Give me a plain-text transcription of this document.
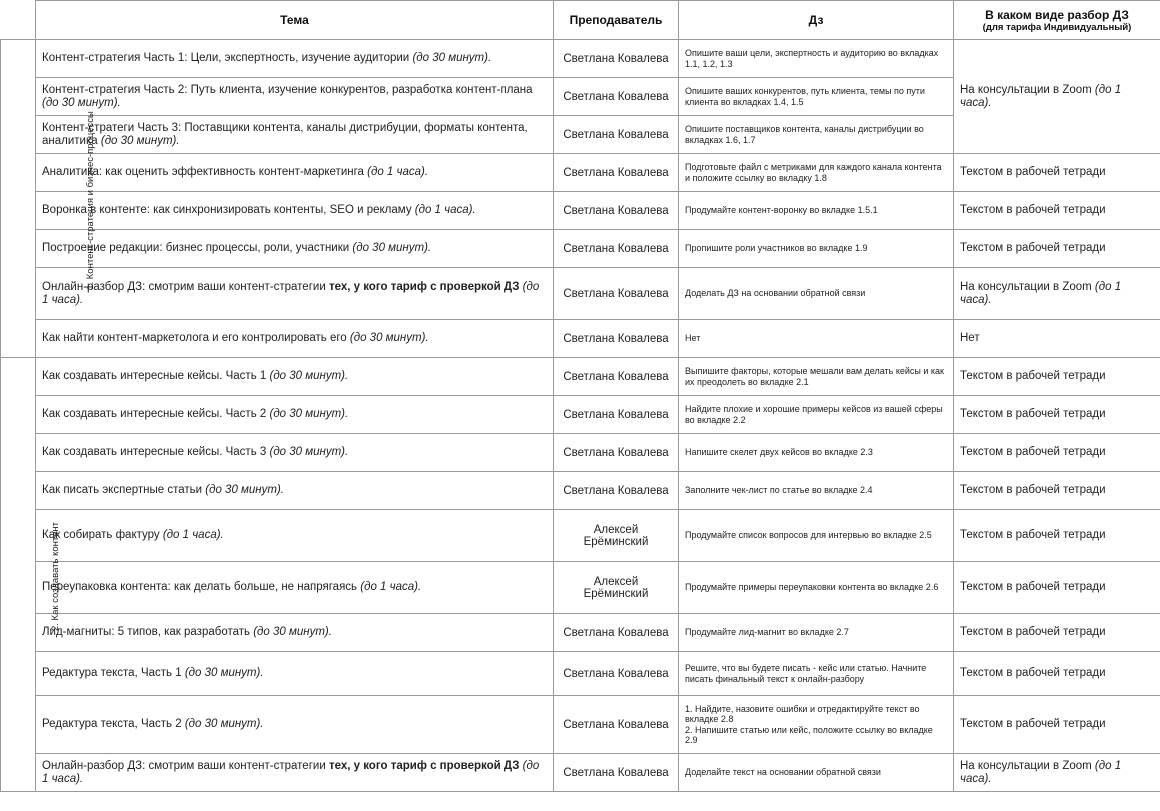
	Тема	Преподаватель	Дз	В каком виде разбор ДЗ
(для тарифа Индивидуальный)

1. Контент-стратегия и бизнес-процессы	Контент-стратегия Часть 1: Цели, экспертность, изучение аудитории (до 30 минут).	Светлана Ковалева	Опишите ваши цели, экспертность и аудиторию во вкладках 1.1, 1.2, 1.3	На консультации в Zoom (до 1 часа).
	Контент-стратегия Часть 2: Путь клиента, изучение конкурентов, разработка контент-плана (до 30 минут).	Светлана Ковалева	Опишите ваших конкурентов, путь клиента, темы по пути клиента во вкладках 1.4, 1.5	
	Контент-стратеги Часть 3: Поставщики контента, каналы дистрибуции, форматы контента, аналитика (до 30 минут).	Светлана Ковалева	Опишите поставщиков контента, каналы дистрибуции во вкладках 1.6, 1.7	
	Аналитика: как оценить эффективность контент-маркетинга (до 1 часа).	Светлана Ковалева	Подготовьте файл с метриками для каждого канала контента и положите ссылку во вкладку 1.8	Текстом в рабочей тетради
	Воронка в контенте: как синхронизировать контенты, SEO и рекламу (до 1 часа).	Светлана Ковалева	Продумайте контент-воронку во вкладке 1.5.1	Текстом в рабочей тетради
	Построение редакции: бизнес процессы, роли, участники (до 30 минут).	Светлана Ковалева	Пропишите роли участников во вкладке 1.9	Текстом в рабочей тетради
	Онлайн-разбор ДЗ: смотрим ваши контент-стратегии тех, у кого тариф с проверкой ДЗ (до 1 часа).	Светлана Ковалева	Доделать ДЗ на основании обратной связи	На консультации в Zoom (до 1 часа).
	Как найти контент-маркетолога и его контролировать его (до 30 минут).	Светлана Ковалева	Нет	Нет
2. Как создавать контент	Как создавать интересные кейсы. Часть 1 (до 30 минут).	Светлана Ковалева	Выпишите факторы, которые мешали вам делать кейсы и как их преодолеть во вкладке 2.1	Текстом в рабочей тетради
	Как создавать интересные кейсы. Часть 2 (до 30 минут).	Светлана Ковалева	Найдите плохие и хорошие примеры кейсов из вашей сферы во вкладке 2.2	Текстом в рабочей тетради
	Как создавать интересные кейсы. Часть 3 (до 30 минут).	Светлана Ковалева	Напишите скелет двух кейсов во вкладке 2.3	Текстом в рабочей тетради
	Как писать экспертные статьи (до 30 минут).	Светлана Ковалева	Заполните чек-лист по статье во вкладке 2.4	Текстом в рабочей тетради
	Как собирать фактуру (до 1 часа).	Алексей Ерёминский	Продумайте список вопросов для интервью во вкладке 2.5	Текстом в рабочей тетради
	Переупаковка контента: как делать больше, не напрягаясь (до 1 часа).	Алексей Ерёминский	Продумайте примеры переупаковки контента во вкладке 2.6	Текстом в рабочей тетради
	Лид-магниты: 5 типов, как разработать (до 30 минут).	Светлана Ковалева	Продумайте лид-магнит во вкладке 2.7	Текстом в рабочей тетради
	Редактура текста, Часть 1 (до 30 минут).	Светлана Ковалева	Решите, что вы будете писать - кейс или статью. Начните писать финальный текст к онлайн-разбору	Текстом в рабочей тетради
	Редактура текста, Часть 2 (до 30 минут).	Светлана Ковалева	1. Найдите, назовите ошибки и отредактируйте текст во вкладке 2.8
2. Напишите статью или кейс, положите ссылку во вкладке 2.9	Текстом в рабочей тетради
	Онлайн-разбор ДЗ: смотрим ваши контент-стратегии тех, у кого тариф с проверкой ДЗ (до 1 часа).	Светлана Ковалева	Доделайте текст на основании обратной связи	На консультации в Zoom (до 1 часа).
